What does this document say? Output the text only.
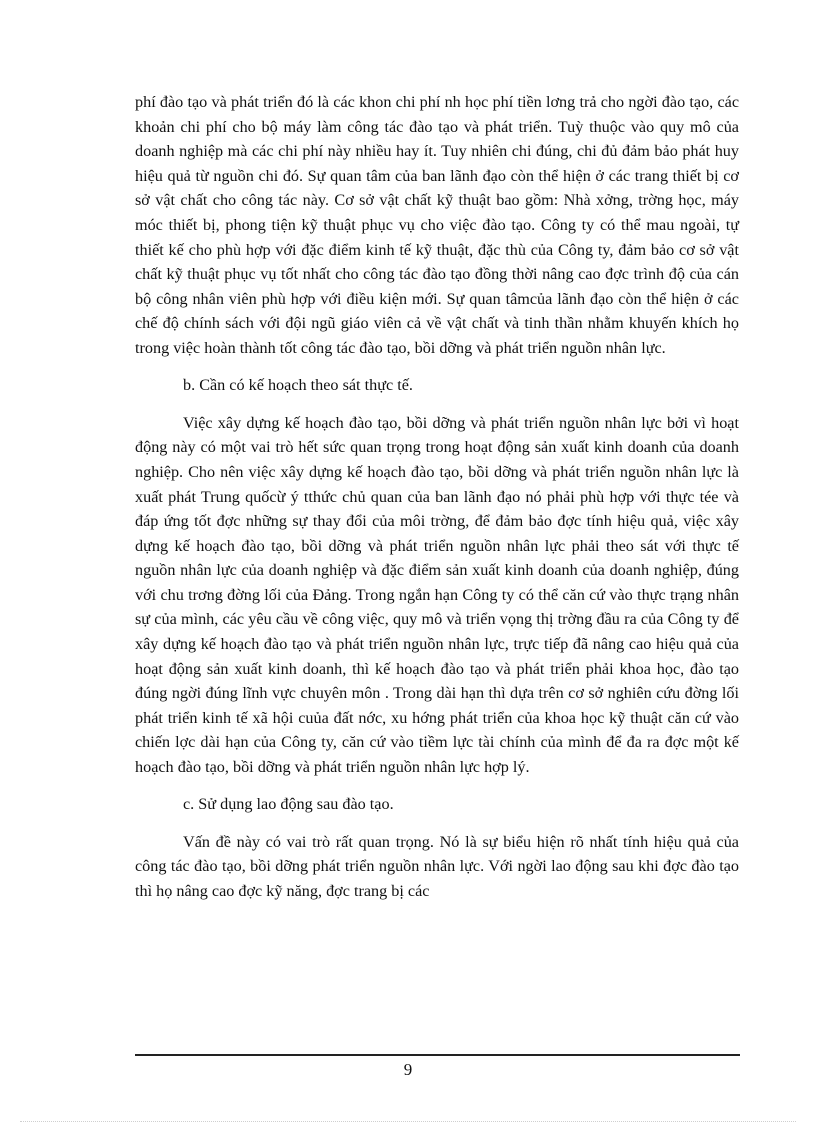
phí đào tạo và phát triển đó là các khon chi phí nh học phí tiền lơng trả cho ngời đào tạo, các khoản chi phí cho bộ máy làm công tác đào tạo và phát triển. Tuỳ thuộc vào quy mô của doanh nghiệp mà các chi phí này nhiều hay ít. Tuy nhiên chi đúng, chi đủ đảm bảo phát huy hiệu quả từ nguồn chi đó. Sự quan tâm của ban lãnh đạo còn thể hiện ở các trang thiết bị cơ sở vật chất cho công tác này. Cơ sở vật chất kỹ thuật bao gồm: Nhà xởng, trờng học, máy móc thiết bị, phong tiện kỹ thuật phục vụ cho việc đào tạo. Công ty có thể mau ngoài, tự thiết kế cho phù hợp với đặc điểm kinh tế kỹ thuật, đặc thù của Công ty, đảm bảo cơ sở vật chất kỹ thuật phục vụ tốt nhất cho công tác đào tạo đồng thời nâng cao đợc trình độ của cán bộ công nhân viên phù hợp với điều kiện mới. Sự quan tâmcủa lãnh đạo còn thể hiện ở các chế độ chính sách với đội ngũ giáo viên cả về vật chất và tinh thần nhằm khuyến khích họ trong việc hoàn thành tốt công tác đào tạo, bồi dỡng và phát triển nguồn nhân lực.

b. Cần có kế hoạch theo sát thực tế.

Việc xây dựng kế hoạch đào tạo, bồi dỡng và phát triển nguồn nhân lực bởi vì hoạt động này có một vai trò hết sức quan trọng trong hoạt động sản xuất kinh doanh của doanh nghiệp. Cho nên việc xây dựng kế hoạch đào tạo, bồi dỡng và phát triển nguồn nhân lực là xuất phát Trung quốcừ ý tthức chủ quan của ban lãnh đạo nó phải phù hợp với thực tée và đáp ứng tốt đợc những sự thay đổi của môi trờng, để đảm bảo đợc tính hiệu quả, việc xây dựng kế hoạch đào tạo, bồi dỡng và phát triển nguồn nhân lực phải theo sát với thực tế nguồn nhân lực của doanh nghiệp và đặc điểm sản xuất kinh doanh của doanh nghiệp, đúng với chu trơng đờng lối của Đảng. Trong ngắn hạn Công ty có thể căn cứ vào thực trạng nhân sự của mình, các yêu cầu về công việc, quy mô và triển vọng thị trờng đầu ra của Công ty để xây dựng kế hoạch đào tạo và phát triển nguồn nhân lực, trực tiếp đã nâng cao hiệu quả của hoạt động sản xuất kinh doanh, thì kế hoạch đào tạo và phát triển phải khoa học, đào tạo đúng ngời đúng lĩnh vực chuyên môn . Trong dài hạn thì dựa trên cơ sở nghiên cứu đờng lối phát triển kinh tế xã hội cuủa đất nớc, xu hớng phát triển của khoa học kỹ thuật căn cứ vào chiến lợc dài hạn của Công ty, căn cứ vào tiềm lực tài chính của mình để đa ra đợc một kế hoạch đào tạo, bồi dỡng và phát triển nguồn nhân lực hợp lý.

c. Sử dụng lao động sau đào tạo.

Vấn đề này có vai trò rất quan trọng. Nó là sự biểu hiện rõ nhất tính hiệu quả của công tác đào tạo, bồi dỡng phát triển nguồn nhân lực. Với ngời lao động sau khi đợc đào tạo thì họ nâng cao đợc kỹ năng, đợc trang bị các

9
